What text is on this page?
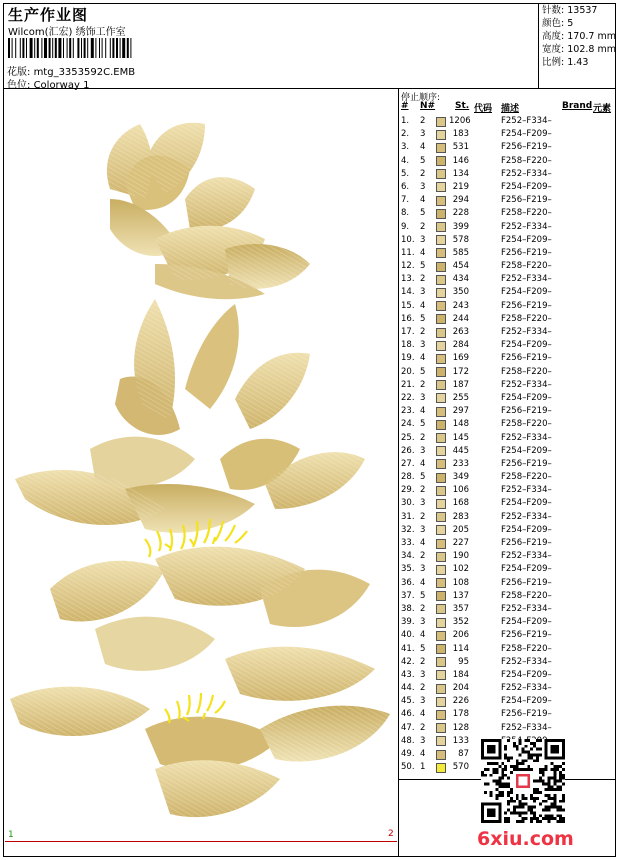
生产作业图
Wilcom(汇宏) 绣饰工作室
花版: mtg_3353592C.EMB
色位: Colorway 1
针数: 13537
颜色: 5
高度: 170.7 mm
宽度: 102.8 mm
比例: 1.43
停止顺序:
# N# St. 代码 描述	Brand 元素
1. 2	1206	F252–F334–
2. 3	183	F254–F209–
3. 4	531	F256–F219–
4. 5	146	F258–F220–
5. 2	134	F252–F334–
6. 3	219	F254–F209–
7. 4	294	F256–F219–
8. 5	228	F258–F220–
9. 2	399	F252–F334–
10. 3	578	F254–F209–
11. 4	585	F256–F219–
12. 5	454	F258–F220–
13. 2	434	F252–F334–
14. 3	350	F254–F209–
15. 4	243	F256–F219–
16. 5	244	F258–F220–
17. 2	263	F252–F334–
18. 3	284	F254–F209–
19. 4	169	F256–F219–
20. 5	172	F258–F220–
21. 2	187	F252–F334–
22. 3	255	F254–F209–
23. 4	297	F256–F219–
24. 5	148	F258–F220–
25. 2	145	F252–F334–
26. 3	445	F254–F209–
27. 4	233	F256–F219–
28. 5	349	F258–F220–
29. 2	106	F252–F334–
30. 3	168	F254–F209–
31. 2	283	F252–F334–
32. 3	205	F254–F209–
33. 4	227	F256–F219–
34. 2	190	F252–F334–
35. 3	102	F254–F209–
36. 4	108	F256–F219–
37. 5	137	F258–F220–
38. 2	357	F252–F334–
39. 3	352	F254–F209–
40. 4	206	F256–F219–
41. 5	114	F258–F220–
42. 2	95	F252–F334–
43. 3	184	F254–F209–
44. 2	204	F252–F334–
45. 3	226	F254–F209–
46. 4	178	F256–F219–
47. 2	128	F252–F334–
48. 3	133
49. 4	87
50. 1	570
6xiu.com
1	2
